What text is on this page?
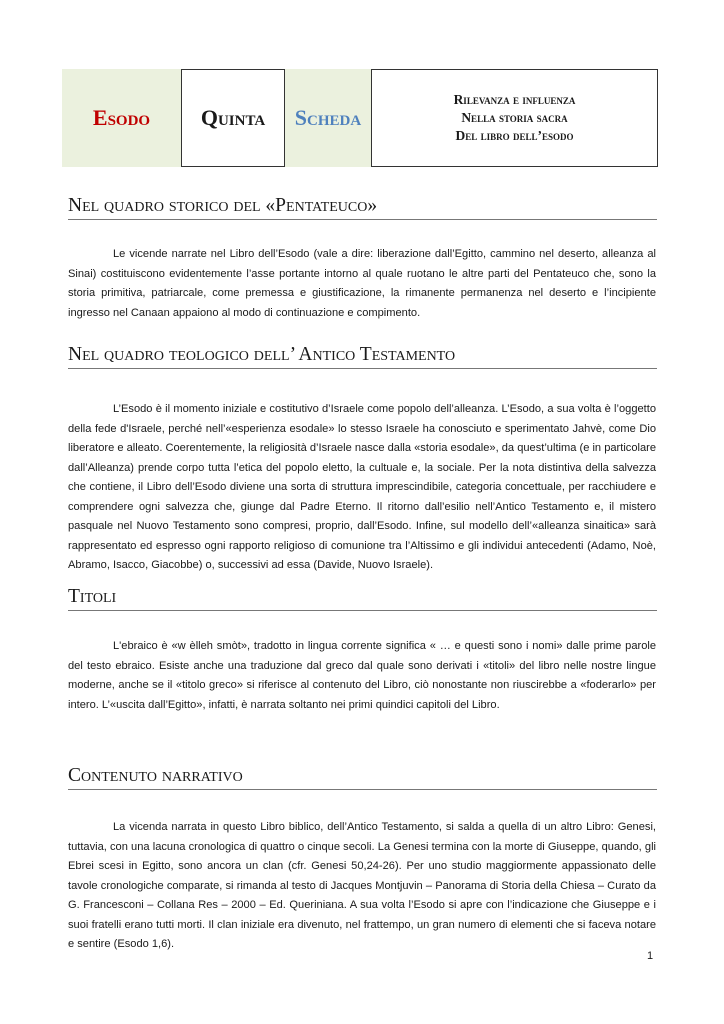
Esodo Quinta Scheda
Rilevanza e influenza
Nella storia sacra
Del libro dell’esodo
Nel quadro storico del «Pentateuco»

Le vicende narrate nel Libro dell’Esodo (vale a dire: liberazione dall’Egitto, cammino nel deserto, alleanza al Sinai) costituiscono evidentemente l’asse portante intorno al quale ruotano le altre parti del Pentateuco che, sono la storia primitiva, patriarcale, come premessa e giustificazione, la rimanente permanenza nel deserto e l’incipiente ingresso nel Canaan appaiono al modo di continuazione e compimento.

Nel quadro teologico dell’ Antico Testamento

L’Esodo è il momento iniziale e costitutivo d’Israele come popolo dell’alleanza. L’Esodo, a sua volta è l’oggetto della fede d'Israele, perché nell’«esperienza esodale» lo stesso Israele ha conosciuto e sperimentato Jahvè, come Dio liberatore e alleato. Coerentemente, la religiosità d’Israele nasce dalla «storia esodale», da quest’ultima (e in particolare dall’Alleanza) prende corpo tutta l’etica del popolo eletto, la cultuale e, la sociale. Per la nota distintiva della salvezza che contiene, il Libro dell’Esodo diviene una sorta di struttura imprescindibile, categoria concettuale, per racchiudere e comprendere ogni salvezza che, giunge dal Padre Eterno. Il ritorno dall’esilio nell’Antico Testamento e, il mistero pasquale nel Nuovo Testamento sono compresi, proprio, dall’Esodo. Infine, sul modello dell’«alleanza sinaitica» sarà rappresentato ed espresso ogni rapporto religioso di comunione tra l’Altissimo e gli individui antecedenti (Adamo, Noè, Abramo, Isacco, Giacobbe) o, successivi ad essa (Davide, Nuovo Israele).

Titoli

L'ebraico è «w èlleh smòt», tradotto in lingua corrente significa « … e questi sono i nomi» dalle prime parole del testo ebraico. Esiste anche una traduzione dal greco dal quale sono derivati i «titoli» del libro nelle nostre lingue moderne, anche se il «titolo greco» si riferisce al contenuto del Libro, ciò nonostante non riuscirebbe a «foderarlo» per intero. L’«uscita dall’Egitto», infatti, è narrata soltanto nei primi quindici capitoli del Libro.

Contenuto narrativo

La vicenda narrata in questo Libro biblico, dell’Antico Testamento, si salda a quella di un altro Libro: Genesi, tuttavia, con una lacuna cronologica di quattro o cinque secoli. La Genesi termina con la morte di Giuseppe, quando, gli Ebrei scesi in Egitto, sono ancora un clan (cfr. Genesi 50,24-26). Per uno studio maggiormente appassionato delle tavole cronologiche comparate, si rimanda al testo di Jacques Montjuvin – Panorama di Storia della Chiesa – Curato da G. Francesconi – Collana Res – 2000 – Ed. Queriniana. A sua volta l’Esodo si apre con l’indicazione che Giuseppe e i suoi fratelli erano tutti morti. Il clan iniziale era divenuto, nel frattempo, un gran numero di elementi che si faceva notare e sentire (Esodo 1,6).

1
